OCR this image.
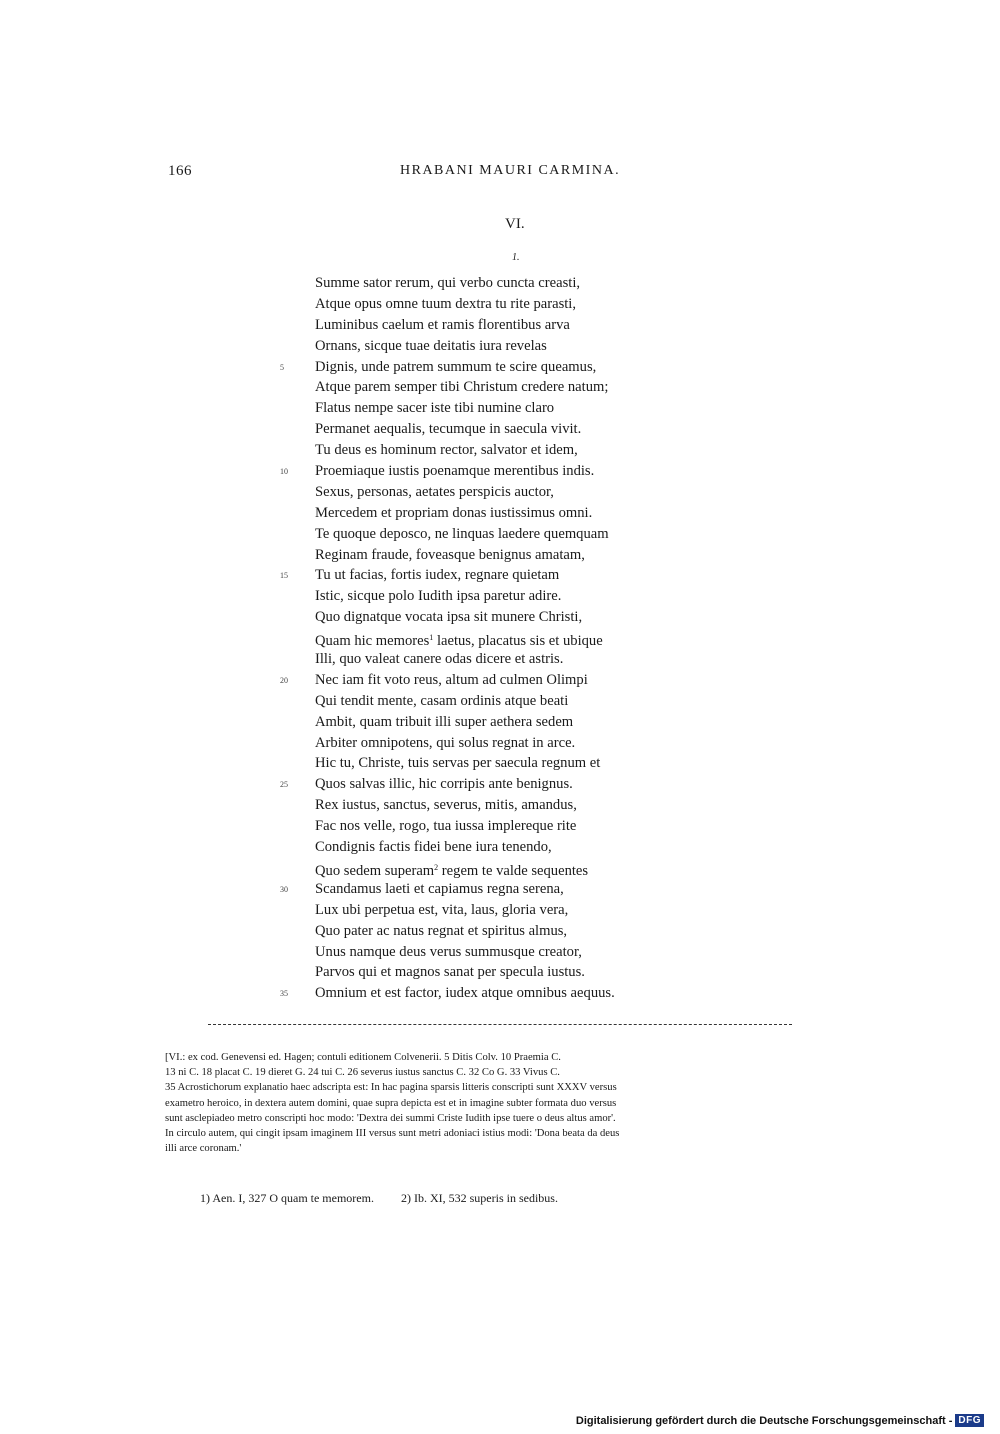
166	HRABANI MAURI CARMINA.
VI.
1.
Summe sator rerum, qui verbo cuncta creasti,
Atque opus omne tuum dextra tu rite parasti,
Luminibus caelum et ramis florentibus arva
Ornans, sicque tuae deitatis iura revelas
5	Dignis, unde patrem summum te scire queamus,
Atque parem semper tibi Christum credere natum;
Flatus nempe sacer iste tibi numine claro
Permanet aequalis, tecumque in saecula vivit.
Tu deus es hominum rector, salvator et idem,
10	Proemiaque iustis poenamque merentibus indis.
Sexus, personas, aetates perspicis auctor,
Mercedem et propriam donas iustissimus omni.
Te quoque deposco, ne linquas laedere quemquam
Reginam fraude, foveasque benignus amatam,
15	Tu ut facias, fortis iudex, regnare quietam
Istic, sicque polo Iudith ipsa paretur adire.
Quo dignatque vocata ipsa sit munere Christi,
Quam hic memores$^1$ laetus, placatus sis et ubique
Illi, quo valeat canere odas dicere et astris.
20	Nec iam fit voto reus, altum ad culmen Olimpi
Qui tendit mente, casam ordinis atque beati
Ambit, quam tribuit illi super aethera sedem
Arbiter omnipotens, qui solus regnat in arce.
Hic tu, Christe, tuis servas per saecula regnum et
25	Quos salvas illic, hic corripis ante benignus.
Rex iustus, sanctus, severus, mitis, amandus,
Fac nos velle, rogo, tua iussa implereque rite
Condignis factis fidei bene iura tenendo,
Quo sedem superam$^2$ regem te valde sequentes
30	Scandamus laeti et capiamus regna serena,
Lux ubi perpetua est, vita, laus, gloria vera,
Quo pater ac natus regnat et spiritus almus,
Unus namque deus verus summusque creator,
Parvos qui et magnos sanat per specula iustus.
35	Omnium et est factor, iudex atque omnibus aequus.

[VI.: ex cod. Genevensi ed. Hagen; contuli editionem Colvenerii. 5 Ditis Colv. 10 Praemia C.

13 ni C. 18 placat C. 19 dieret G. 24 tui C. 26 severus iustus sanctus C. 32 Co G. 33 Vivus C.

35 Acrostichorum explanatio haec adscripta est: In hac pagina sparsis litteris conscripti sunt XXXV versus

exametro heroico, in dextera autem domini, quae supra depicta est et in imagine subter formata duo versus

sunt asclepiadeo metro conscripti hoc modo: 'Dextra dei summi Criste Iudith ipse tuere o deus altus amor'.

In circulo autem, qui cingit ipsam imaginem III versus sunt metri adoniaci istius modi: 'Dona beata da deus

illi arce coronam.'

1) Aen. I, 327 O quam te memorem. 2) Ib. XI, 532 superis in sedibus.
Digitalisierung gefördert durch die Deutsche Forschungsgemeinschaft - DFG
